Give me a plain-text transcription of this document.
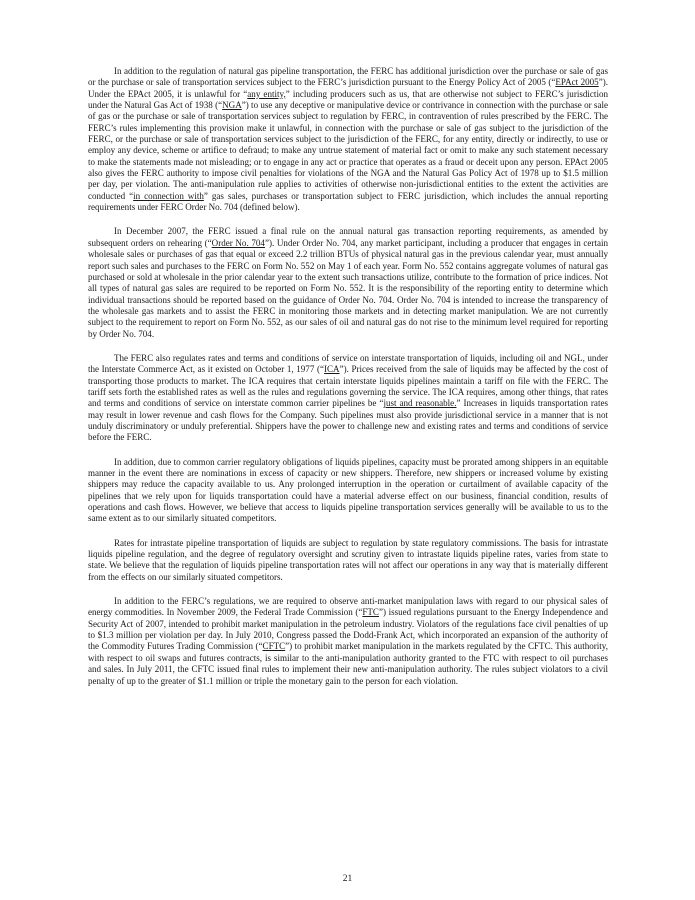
In addition to the regulation of natural gas pipeline transportation, the FERC has additional jurisdiction over the purchase or sale of gas or the purchase or sale of transportation services subject to the FERC’s jurisdiction pursuant to the Energy Policy Act of 2005 (“EPAct 2005”). Under the EPAct 2005, it is unlawful for “any entity,” including producers such as us, that are otherwise not subject to FERC’s jurisdiction under the Natural Gas Act of 1938 (“NGA”) to use any deceptive or manipulative device or contrivance in connection with the purchase or sale of gas or the purchase or sale of transportation services subject to regulation by FERC, in contravention of rules prescribed by the FERC. The FERC’s rules implementing this provision make it unlawful, in connection with the purchase or sale of gas subject to the jurisdiction of the FERC, or the purchase or sale of transportation services subject to the jurisdiction of the FERC, for any entity, directly or indirectly, to use or employ any device, scheme or artifice to defraud; to make any untrue statement of material fact or omit to make any such statement necessary to make the statements made not misleading; or to engage in any act or practice that operates as a fraud or deceit upon any person. EPAct 2005 also gives the FERC authority to impose civil penalties for violations of the NGA and the Natural Gas Policy Act of 1978 up to $1.5 million per day, per violation. The anti-manipulation rule applies to activities of otherwise non-jurisdictional entities to the extent the activities are conducted “in connection with” gas sales, purchases or transportation subject to FERC jurisdiction, which includes the annual reporting requirements under FERC Order No. 704 (defined below).

In December 2007, the FERC issued a final rule on the annual natural gas transaction reporting requirements, as amended by subsequent orders on rehearing (“Order No. 704”). Under Order No. 704, any market participant, including a producer that engages in certain wholesale sales or purchases of gas that equal or exceed 2.2 trillion BTUs of physical natural gas in the previous calendar year, must annually report such sales and purchases to the FERC on Form No. 552 on May 1 of each year. Form No. 552 contains aggregate volumes of natural gas purchased or sold at wholesale in the prior calendar year to the extent such transactions utilize, contribute to the formation of price indices. Not all types of natural gas sales are required to be reported on Form No. 552. It is the responsibility of the reporting entity to determine which individual transactions should be reported based on the guidance of Order No. 704. Order No. 704 is intended to increase the transparency of the wholesale gas markets and to assist the FERC in monitoring those markets and in detecting market manipulation. We are not currently subject to the requirement to report on Form No. 552, as our sales of oil and natural gas do not rise to the minimum level required for reporting by Order No. 704.

The FERC also regulates rates and terms and conditions of service on interstate transportation of liquids, including oil and NGL, under the Interstate Commerce Act, as it existed on October 1, 1977 (“ICA”). Prices received from the sale of liquids may be affected by the cost of transporting those products to market. The ICA requires that certain interstate liquids pipelines maintain a tariff on file with the FERC. The tariff sets forth the established rates as well as the rules and regulations governing the service. The ICA requires, among other things, that rates and terms and conditions of service on interstate common carrier pipelines be “just and reasonable.” Increases in liquids transportation rates may result in lower revenue and cash flows for the Company. Such pipelines must also provide jurisdictional service in a manner that is not unduly discriminatory or unduly preferential. Shippers have the power to challenge new and existing rates and terms and conditions of service before the FERC.

In addition, due to common carrier regulatory obligations of liquids pipelines, capacity must be prorated among shippers in an equitable manner in the event there are nominations in excess of capacity or new shippers. Therefore, new shippers or increased volume by existing shippers may reduce the capacity available to us. Any prolonged interruption in the operation or curtailment of available capacity of the pipelines that we rely upon for liquids transportation could have a material adverse effect on our business, financial condition, results of operations and cash flows. However, we believe that access to liquids pipeline transportation services generally will be available to us to the same extent as to our similarly situated competitors.

Rates for intrastate pipeline transportation of liquids are subject to regulation by state regulatory commissions. The basis for intrastate liquids pipeline regulation, and the degree of regulatory oversight and scrutiny given to intrastate liquids pipeline rates, varies from state to state. We believe that the regulation of liquids pipeline transportation rates will not affect our operations in any way that is materially different from the effects on our similarly situated competitors.

In addition to the FERC’s regulations, we are required to observe anti-market manipulation laws with regard to our physical sales of energy commodities. In November 2009, the Federal Trade Commission (“FTC”) issued regulations pursuant to the Energy Independence and Security Act of 2007, intended to prohibit market manipulation in the petroleum industry. Violators of the regulations face civil penalties of up to $1.3 million per violation per day. In July 2010, Congress passed the Dodd-Frank Act, which incorporated an expansion of the authority of the Commodity Futures Trading Commission (“CFTC”) to prohibit market manipulation in the markets regulated by the CFTC. This authority, with respect to oil swaps and futures contracts, is similar to the anti-manipulation authority granted to the FTC with respect to oil purchases and sales. In July 2011, the CFTC issued final rules to implement their new anti-manipulation authority. The rules subject violators to a civil penalty of up to the greater of $1.1 million or triple the monetary gain to the person for each violation.

21
